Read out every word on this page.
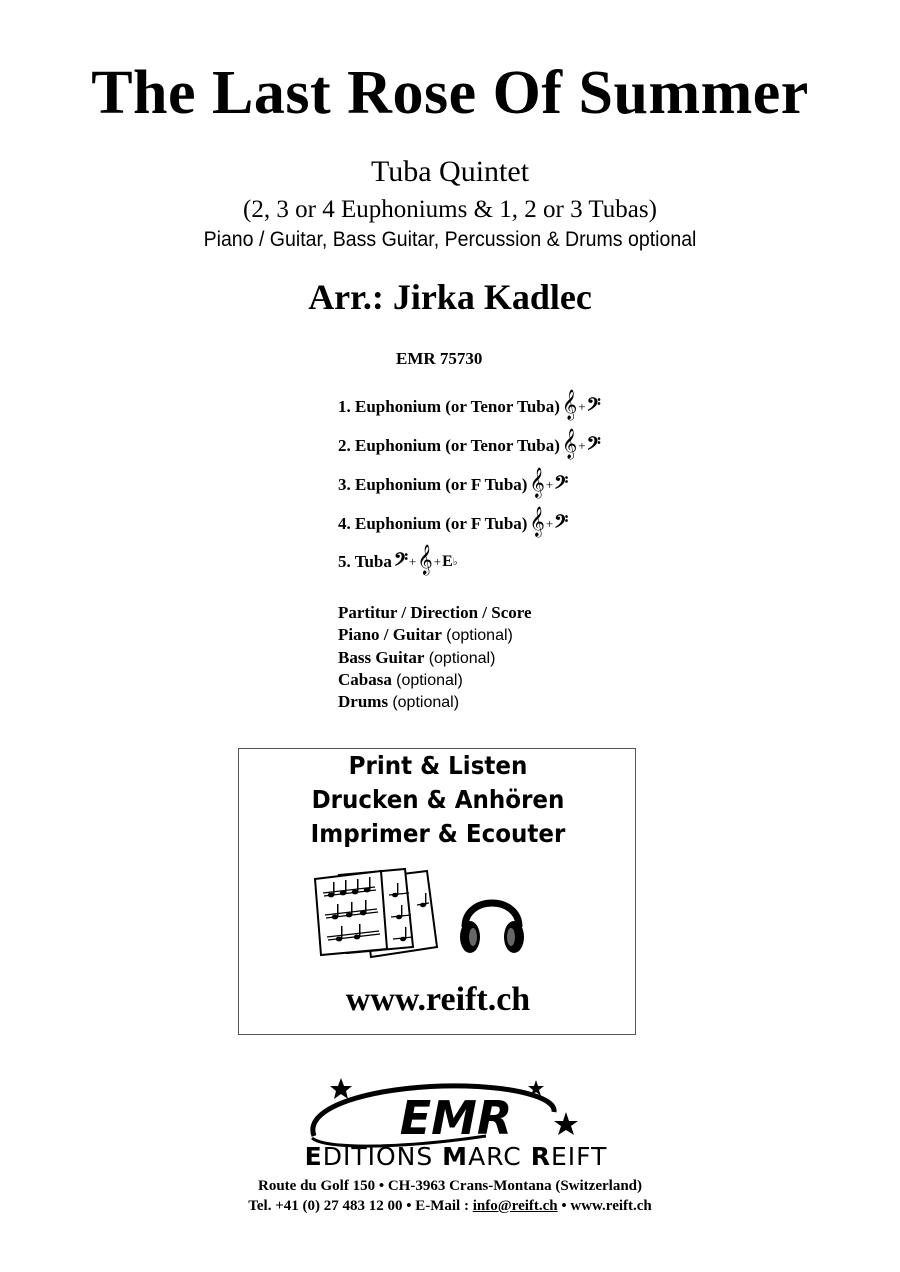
The Last Rose Of Summer
Tuba Quintet
(2, 3 or 4 Euphoniums & 1, 2 or 3 Tubas)
Piano / Guitar, Bass Guitar, Percussion & Drums optional
Arr.: Jirka Kadlec
EMR 75730
1. Euphonium (or Tenor Tuba) 𝄞 + 𝄢
2. Euphonium (or Tenor Tuba) 𝄞 + 𝄢
3. Euphonium (or F Tuba) 𝄞 + 𝄢
4. Euphonium (or F Tuba) 𝄞 + 𝄢
5. Tuba 𝄢 + 𝄞 + E ♭
Partitur / Direction / Score
Piano / Guitar (optional)
Bass Guitar (optional)
Cabasa (optional)
Drums (optional)
Print & Listen
Drucken & Anhören
Imprimer & Ecouter
www.reift.ch
EMR
EDITIONS MARC REIFT
Route du Golf 150 • CH-3963 Crans-Montana (Switzerland)
Tel. +41 (0) 27 483 12 00 • E-Mail : info@reift.ch • www.reift.ch
